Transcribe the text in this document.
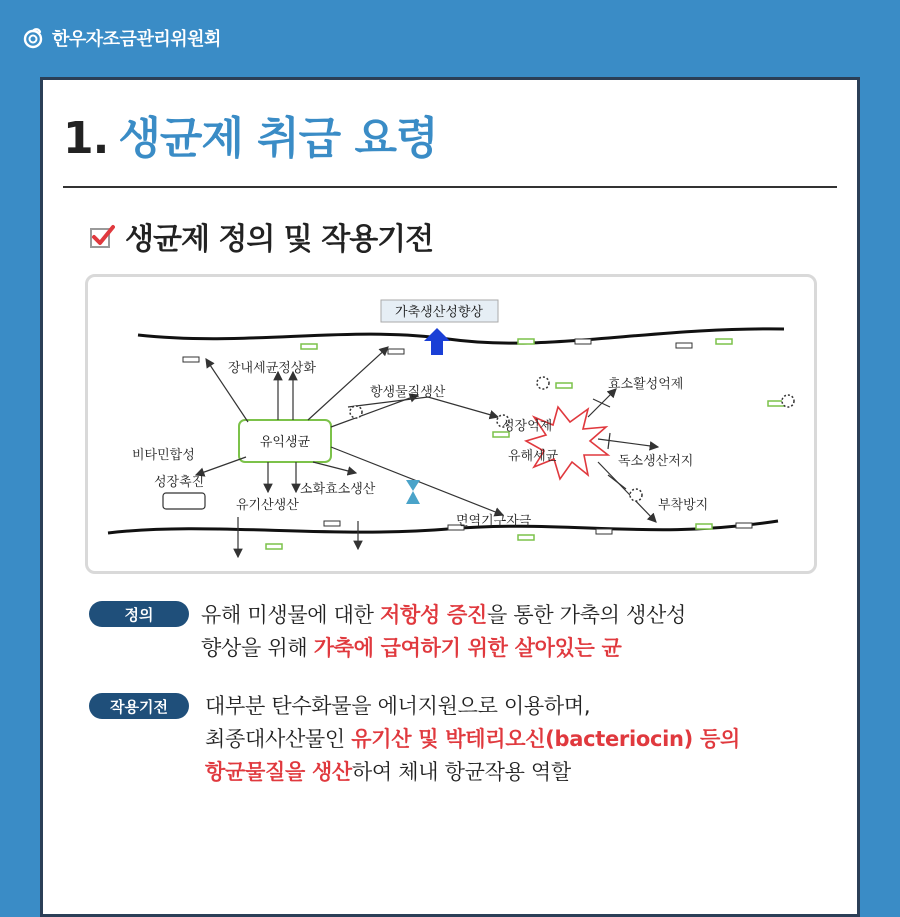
한우자조금관리위원회
1. 생균제 취급 요령
생균제 정의 및 작용기전
가축생산성향상
유익생균
장내세균정상화
항생물질생산
비타민합성
성장촉진
유기산생산
소화효소생산
성장억제
유해세균
효소활성억제
독소생산저지
부착방지
면역기구자극
정의	유해 미생물에 대한 저항성 증진을 통한 가축의 생산성
향상을 위해 가축에 급여하기 위한 살아있는 균
작용기전	대부분 탄수화물을 에너지원으로 이용하며,
최종대사산물인 유기산 및 박테리오신(bacteriocin) 등의
항균물질을 생산하여 체내 항균작용 역할
